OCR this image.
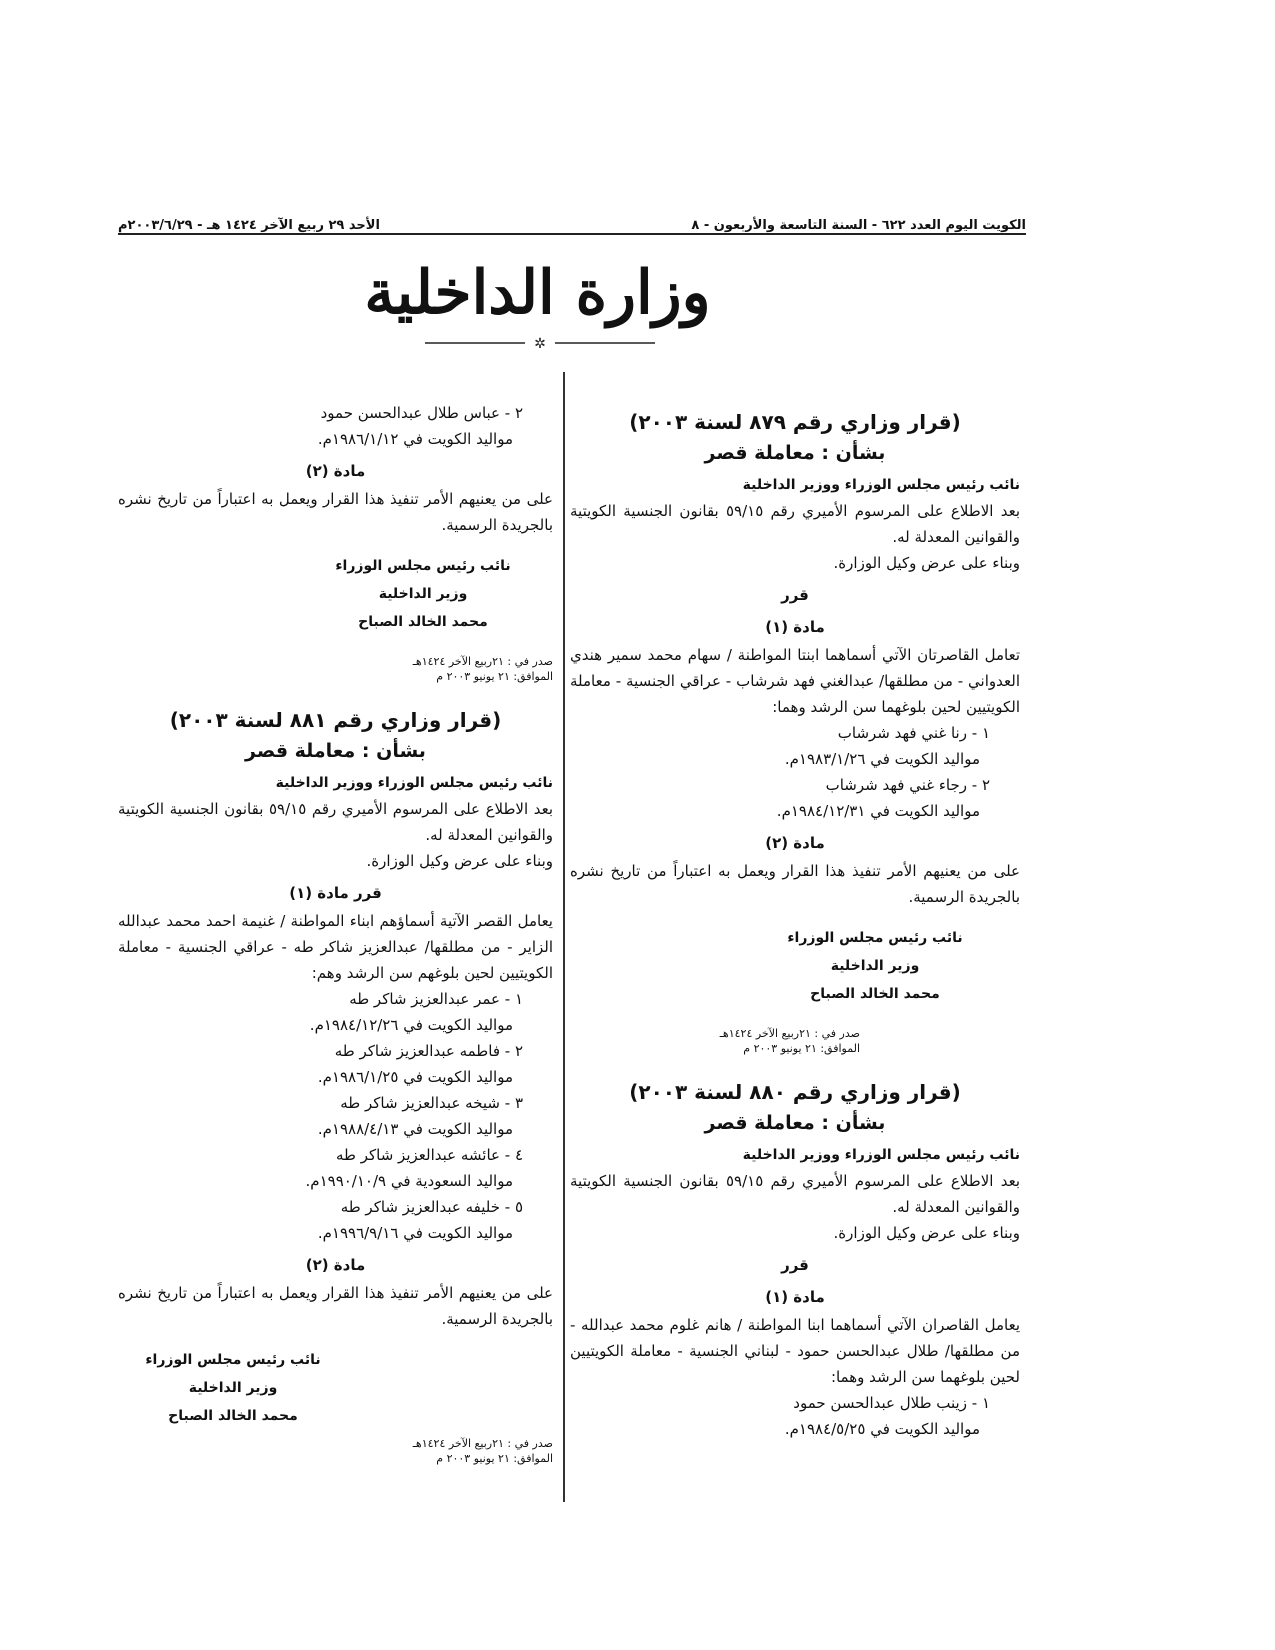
الكويت اليوم العدد ٦٢٢ - السنة التاسعة والأربعون - ٨
الأحد ٢٩ ربيع الآخر ١٤٢٤ هـ - ٢٠٠٣/٦/٢٩م
وزارة الداخلية
✲
(قرار وزاري رقم ٨٧٩ لسنة ٢٠٠٣)
بشأن : معاملة قصر
نائب رئيس مجلس الوزراء ووزير الداخلية
بعد الاطلاع على المرسوم الأميري رقم ٥٩/١٥ بقانون الجنسية الكويتية والقوانين المعدلة له.
وبناء على عرض وكيل الوزارة.
قرر
مادة (١)
تعامل القاصرتان الآتي أسماهما ابنتا المواطنة / سهام محمد سمير هندي العدواني - من مطلقها/ عبدالغني فهد شرشاب - عراقي الجنسية - معاملة الكويتيين لحين بلوغهما سن الرشد وهما:
١ - رنا غني فهد شرشاب
مواليد الكويت في ١٩٨٣/١/٢٦م.
٢ - رجاء غني فهد شرشاب
مواليد الكويت في ١٩٨٤/١٢/٣١م.
مادة (٢)
على من يعنيهم الأمر تنفيذ هذا القرار ويعمل به اعتباراً من تاريخ نشره بالجريدة الرسمية.
نائب رئيس مجلس الوزراء
وزير الداخلية
محمد الخالد الصباح
صدر في : ٢١ربيع الآخر ١٤٢٤هـ
الموافق: ٢١ يونيو ٢٠٠٣ م
(قرار وزاري رقم ٨٨٠ لسنة ٢٠٠٣)
بشأن : معاملة قصر
نائب رئيس مجلس الوزراء ووزير الداخلية
بعد الاطلاع على المرسوم الأميري رقم ٥٩/١٥ بقانون الجنسية الكويتية والقوانين المعدلة له.
وبناء على عرض وكيل الوزارة.
قرر
مادة (١)
يعامل القاصران الآتي أسماهما ابنا المواطنة / هانم غلوم محمد عبدالله - من مطلقها/ طلال عبدالحسن حمود - لبناني الجنسية - معاملة الكويتيين لحين بلوغهما سن الرشد وهما:
١ - زينب طلال عبدالحسن حمود
مواليد الكويت في ١٩٨٤/٥/٢٥م.
٢ - عباس طلال عبدالحسن حمود
مواليد الكويت في ١٩٨٦/١/١٢م.
مادة (٢)
على من يعنيهم الأمر تنفيذ هذا القرار ويعمل به اعتباراً من تاريخ نشره بالجريدة الرسمية.
نائب رئيس مجلس الوزراء
وزير الداخلية
محمد الخالد الصباح
صدر في : ٢١ربيع الآخر ١٤٢٤هـ
الموافق: ٢١ يونيو ٢٠٠٣ م
(قرار وزاري رقم ٨٨١ لسنة ٢٠٠٣)
بشأن : معاملة قصر
نائب رئيس مجلس الوزراء ووزير الداخلية
بعد الاطلاع على المرسوم الأميري رقم ٥٩/١٥ بقانون الجنسية الكويتية والقوانين المعدلة له.
وبناء على عرض وكيل الوزارة.
قرر مادة (١)
يعامل القصر الآتية أسماؤهم ابناء المواطنة / غنيمة احمد محمد عبدالله الزاير - من مطلقها/ عبدالعزيز شاكر طه - عراقي الجنسية - معاملة الكويتيين لحين بلوغهم سن الرشد وهم:
١ - عمر عبدالعزيز شاكر طه
مواليد الكويت في ١٩٨٤/١٢/٢٦م.
٢ - فاطمه عبدالعزيز شاكر طه
مواليد الكويت في ١٩٨٦/١/٢٥م.
٣ - شيخه عبدالعزيز شاكر طه
مواليد الكويت في ١٩٨٨/٤/١٣م.
٤ - عائشه عبدالعزيز شاكر طه
مواليد السعودية في ١٩٩٠/١٠/٩م.
٥ - خليفه عبدالعزيز شاكر طه
مواليد الكويت في ١٩٩٦/٩/١٦م.
مادة (٢)
على من يعنيهم الأمر تنفيذ هذا القرار ويعمل به اعتباراً من تاريخ نشره بالجريدة الرسمية.
نائب رئيس مجلس الوزراء
وزير الداخلية
محمد الخالد الصباح
صدر في : ٢١ربيع الآخر ١٤٢٤هـ
الموافق: ٢١ يونيو ٢٠٠٣ م
